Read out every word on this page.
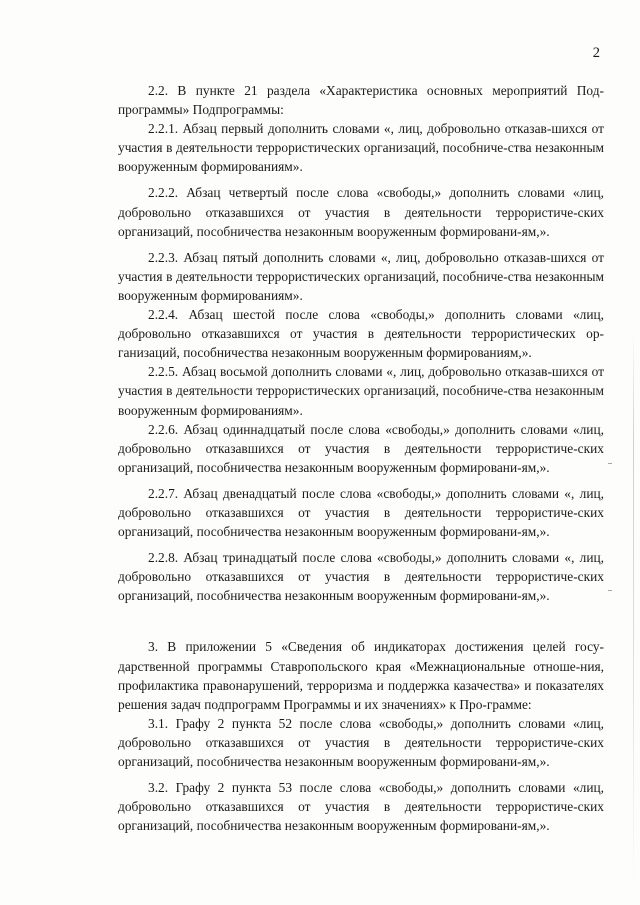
2

2.2. В пункте 21 раздела «Характеристика основных мероприятий Под-программы» Подпрограммы:

2.2.1. Абзац первый дополнить словами «, лиц, добровольно отказав-шихся от участия в деятельности террористических организаций, пособниче-ства незаконным вооруженным формированиям».

2.2.2. Абзац четвертый после слова «свободы,» дополнить словами «лиц, добровольно отказавшихся от участия в деятельности террористиче-ских организаций, пособничества незаконным вооруженным формировани-ям,».

2.2.3. Абзац пятый дополнить словами «, лиц, добровольно отказав-шихся от участия в деятельности террористических организаций, пособниче-ства незаконным вооруженным формированиям».

2.2.4. Абзац шестой после слова «свободы,» дополнить словами «лиц, добровольно отказавшихся от участия в деятельности террористических ор-ганизаций, пособничества незаконным вооруженным формированиям,».

2.2.5. Абзац восьмой дополнить словами «, лиц, добровольно отказав-шихся от участия в деятельности террористических организаций, пособниче-ства незаконным вооруженным формированиям».

2.2.6. Абзац одиннадцатый после слова «свободы,» дополнить словами «лиц, добровольно отказавшихся от участия в деятельности террористиче-ских организаций, пособничества незаконным вооруженным формировани-ям,».

2.2.7. Абзац двенадцатый после слова «свободы,» дополнить словами «, лиц, добровольно отказавшихся от участия в деятельности террористиче-ских организаций, пособничества незаконным вооруженным формировани-ям,».

2.2.8. Абзац тринадцатый после слова «свободы,» дополнить словами «, лиц, добровольно отказавшихся от участия в деятельности террористиче-ских организаций, пособничества незаконным вооруженным формировани-ям,».

3. В приложении 5 «Сведения об индикаторах достижения целей госу-дарственной программы Ставропольского края «Межнациональные отноше-ния, профилактика правонарушений, терроризма и поддержка казачества» и показателях решения задач подпрограмм Программы и их значениях» к Про-грамме:

3.1. Графу 2 пункта 52 после слова «свободы,» дополнить словами «лиц, добровольно отказавшихся от участия в деятельности террористиче-ских организаций, пособничества незаконным вооруженным формировани-ям,».

3.2. Графу 2 пункта 53 после слова «свободы,» дополнить словами «лиц, добровольно отказавшихся от участия в деятельности террористиче-ских организаций, пособничества незаконным вооруженным формировани-ям,».
